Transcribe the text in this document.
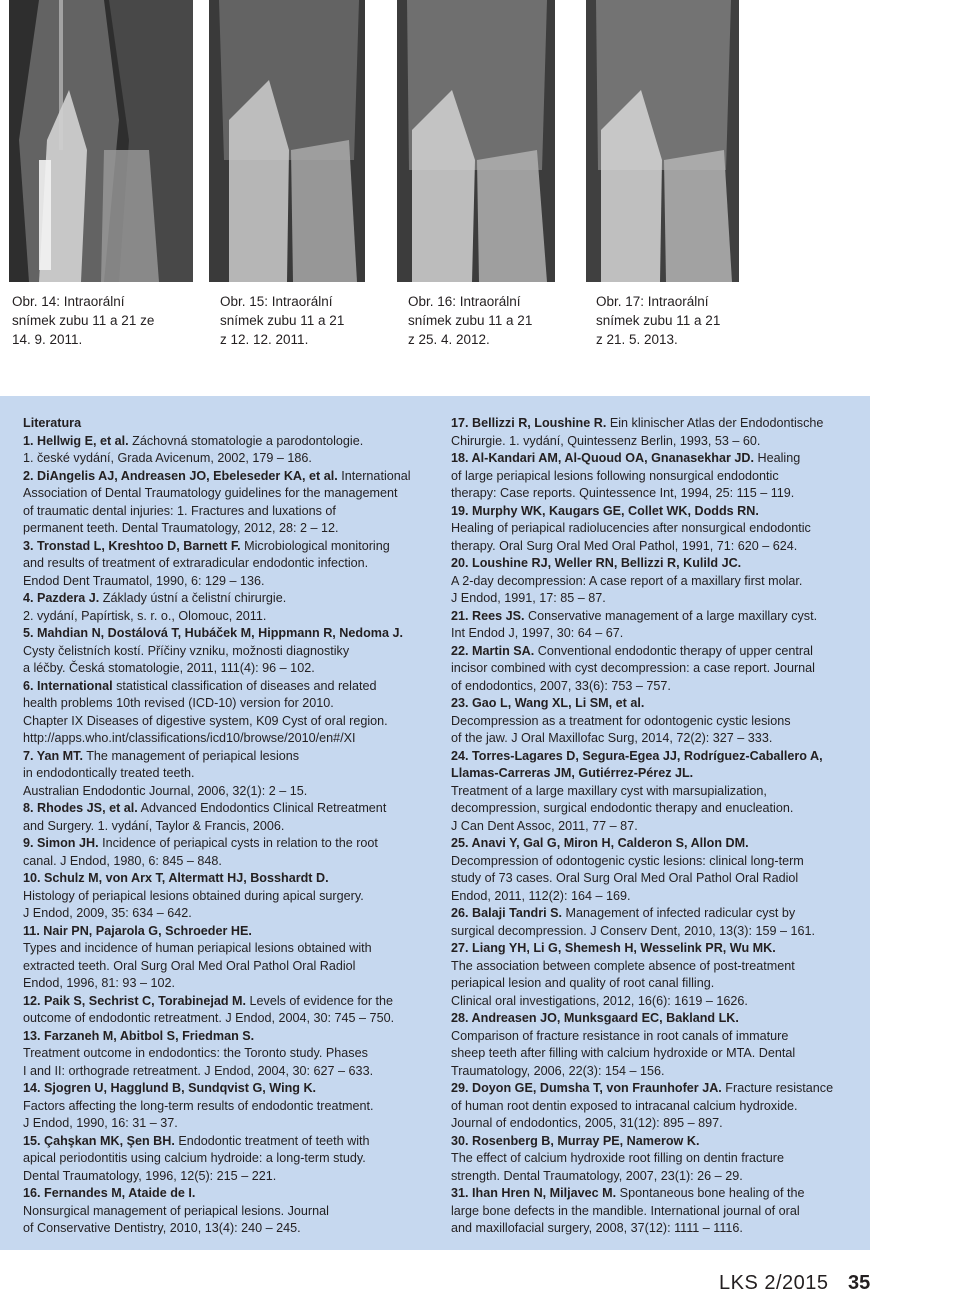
Obr. 14: Intraorální
snímek zubu 11 a 21 ze
14. 9. 2011.
Obr. 15: Intraorální
snímek zubu 11 a 21
z 12. 12. 2011.
Obr. 16: Intraorální
snímek zubu 11 a 21
z 25. 4. 2012.
Obr. 17: Intraorální
snímek zubu 11 a 21
z 21. 5. 2013.

Literatura

1. Hellwig E, et al. Záchovná stomatologie a parodontologie.

1. české vydání, Grada Avicenum, 2002, 179 – 186.

2. DiAngelis AJ, Andreasen JO, Ebeleseder KA, et al. International

Association of Dental Traumatology guidelines for the management

of traumatic dental injuries: 1. Fractures and luxations of

permanent teeth. Dental Traumatology, 2012, 28: 2 – 12.

3. Tronstad L, Kreshtoo D, Barnett F. Microbiological monitoring

and results of treatment of extraradicular endodontic infection.

Endod Dent Traumatol, 1990, 6: 129 – 136.

4. Pazdera J. Základy ústní a čelistní chirurgie.

2. vydání, Papírtisk, s. r. o., Olomouc, 2011.

5. Mahdian N, Dostálová T, Hubáček M, Hippmann R, Nedoma J.

Cysty čelistních kostí. Příčiny vzniku, možnosti diagnostiky

a léčby. Česká stomatologie, 2011, 111(4): 96 – 102.

6. International statistical classification of diseases and related

health problems 10th revised (ICD-10) version for 2010.

Chapter IX Diseases of digestive system, K09 Cyst of oral region.

http://apps.who.int/classifications/icd10/browse/2010/en#/XI

7. Yan MT. The management of periapical lesions

in endodontically treated teeth.

Australian Endodontic Journal, 2006, 32(1): 2 – 15.

8. Rhodes JS, et al. Advanced Endodontics Clinical Retreatment

and Surgery. 1. vydání, Taylor & Francis, 2006.

9. Simon JH. Incidence of periapical cysts in relation to the root

canal. J Endod, 1980, 6: 845 – 848.

10. Schulz M, von Arx T, Altermatt HJ, Bosshardt D.

Histology of periapical lesions obtained during apical surgery.

J Endod, 2009, 35: 634 – 642.

11. Nair PN, Pajarola G, Schroeder HE.

Types and incidence of human periapical lesions obtained with

extracted teeth. Oral Surg Oral Med Oral Pathol Oral Radiol

Endod, 1996, 81: 93 – 102.

12. Paik S, Sechrist C, Torabinejad M. Levels of evidence for the

outcome of endodontic retreatment. J Endod, 2004, 30: 745 – 750.

13. Farzaneh M, Abitbol S, Friedman S.

Treatment outcome in endodontics: the Toronto study. Phases

I and II: orthograde retreatment. J Endod, 2004, 30: 627 – 633.

14. Sjogren U, Hagglund B, Sundqvist G, Wing K.

Factors affecting the long-term results of endodontic treatment.

J Endod, 1990, 16: 31 – 37.

15. Çahşkan MK, Şen BH. Endodontic treatment of teeth with

apical periodontitis using calcium hydroide: a long-term study.

Dental Traumatology, 1996, 12(5): 215 – 221.

16. Fernandes M, Ataide de I.

Nonsurgical management of periapical lesions. Journal

of Conservative Dentistry, 2010, 13(4): 240 – 245.

17. Bellizzi R, Loushine R. Ein klinischer Atlas der Endodontische

Chirurgie. 1. vydání, Quintessenz Berlin, 1993, 53 – 60.

18. Al-Kandari AM, Al-Quoud OA, Gnanasekhar JD. Healing

of large periapical lesions following nonsurgical endodontic

therapy: Case reports. Quintessence Int, 1994, 25: 115 – 119.

19. Murphy WK, Kaugars GE, Collet WK, Dodds RN.

Healing of periapical radiolucencies after nonsurgical endodontic

therapy. Oral Surg Oral Med Oral Pathol, 1991, 71: 620 – 624.

20. Loushine RJ, Weller RN, Bellizzi R, Kulild JC.

A 2-day decompression: A case report of a maxillary first molar.

J Endod, 1991, 17: 85 – 87.

21. Rees JS. Conservative management of a large maxillary cyst.

Int Endod J, 1997, 30: 64 – 67.

22. Martin SA. Conventional endodontic therapy of upper central

incisor combined with cyst decompression: a case report. Journal

of endodontics, 2007, 33(6): 753 – 757.

23. Gao L, Wang XL, Li SM, et al.

Decompression as a treatment for odontogenic cystic lesions

of the jaw. J Oral Maxillofac Surg, 2014, 72(2): 327 – 333.

24. Torres-Lagares D, Segura-Egea JJ, Rodríguez-Caballero A,

Llamas-Carreras JM, Gutiérrez-Pérez JL.

Treatment of a large maxillary cyst with marsupialization,

decompression, surgical endodontic therapy and enucleation.

J Can Dent Assoc, 2011, 77 – 87.

25. Anavi Y, Gal G, Miron H, Calderon S, Allon DM.

Decompression of odontogenic cystic lesions: clinical long-term

study of 73 cases. Oral Surg Oral Med Oral Pathol Oral Radiol

Endod, 2011, 112(2): 164 – 169.

26. Balaji Tandri S. Management of infected radicular cyst by

surgical decompression. J Conserv Dent, 2010, 13(3): 159 – 161.

27. Liang YH, Li G, Shemesh H, Wesselink PR, Wu MK.

The association between complete absence of post-treatment

periapical lesion and quality of root canal filling.

Clinical oral investigations, 2012, 16(6): 1619 – 1626.

28. Andreasen JO, Munksgaard EC, Bakland LK.

Comparison of fracture resistance in root canals of immature

sheep teeth after filling with calcium hydroxide or MTA. Dental

Traumatology, 2006, 22(3): 154 – 156.

29. Doyon GE, Dumsha T, von Fraunhofer JA. Fracture resistance

of human root dentin exposed to intracanal calcium hydroxide.

Journal of endodontics, 2005, 31(12): 895 – 897.

30. Rosenberg B, Murray PE, Namerow K.

The effect of calcium hydroxide root filling on dentin fracture

strength. Dental Traumatology, 2007, 23(1): 26 – 29.

31. Ihan Hren N, Miljavec M. Spontaneous bone healing of the

large bone defects in the mandible. International journal of oral

and maxillofacial surgery, 2008, 37(12): 1111 – 1116.

LKS 2/2015 35
